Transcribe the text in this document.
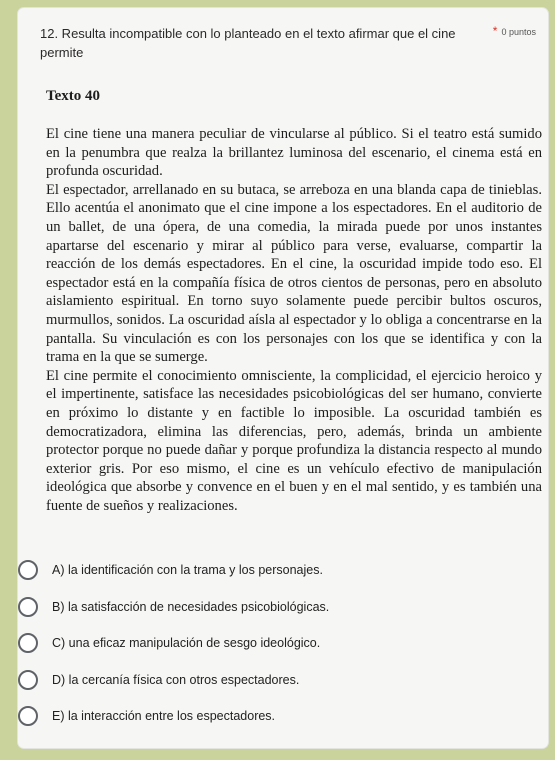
12. Resulta incompatible con lo planteado en el texto afirmar que el cine permite
* 0 puntos
Texto 40

El cine tiene una manera peculiar de vincularse al público. Si el teatro está sumido en la penumbra que realza la brillantez luminosa del escenario, el cinema está en profunda oscuridad.

El espectador, arrellanado en su butaca, se arreboza en una blanda capa de tinieblas. Ello acentúa el anonimato que el cine impone a los espectadores. En el auditorio de un ballet, de una ópera, de una comedia, la mirada puede por unos instantes apartarse del escenario y mirar al público para verse, evaluarse, compartir la reacción de los demás espectadores. En el cine, la oscuridad impide todo eso. El espectador está en la compañía física de otros cientos de personas, pero en absoluto aislamiento espiritual. En torno suyo solamente puede percibir bultos oscuros, murmullos, sonidos. La oscuridad aísla al espectador y lo obliga a concentrarse en la pantalla. Su vinculación es con los personajes con los que se identifica y con la trama en la que se sumerge.

El cine permite el conocimiento omnisciente, la complicidad, el ejercicio heroico y el impertinente, satisface las necesidades psicobiológicas del ser humano, convierte en próximo lo distante y en factible lo imposible. La oscuridad también es democratizadora, elimina las diferencias, pero, además, brinda un ambiente protector porque no puede dañar y porque profundiza la distancia respecto al mundo exterior gris. Por eso mismo, el cine es un vehículo efectivo de manipulación ideológica que absorbe y convence en el buen y en el mal sentido, y es también una fuente de sueños y realizaciones.

A) la identificación con la trama y los personajes.
B) la satisfacción de necesidades psicobiológicas.
C) una eficaz manipulación de sesgo ideológico.
D) la cercanía física con otros espectadores.
E) la interacción entre los espectadores.
